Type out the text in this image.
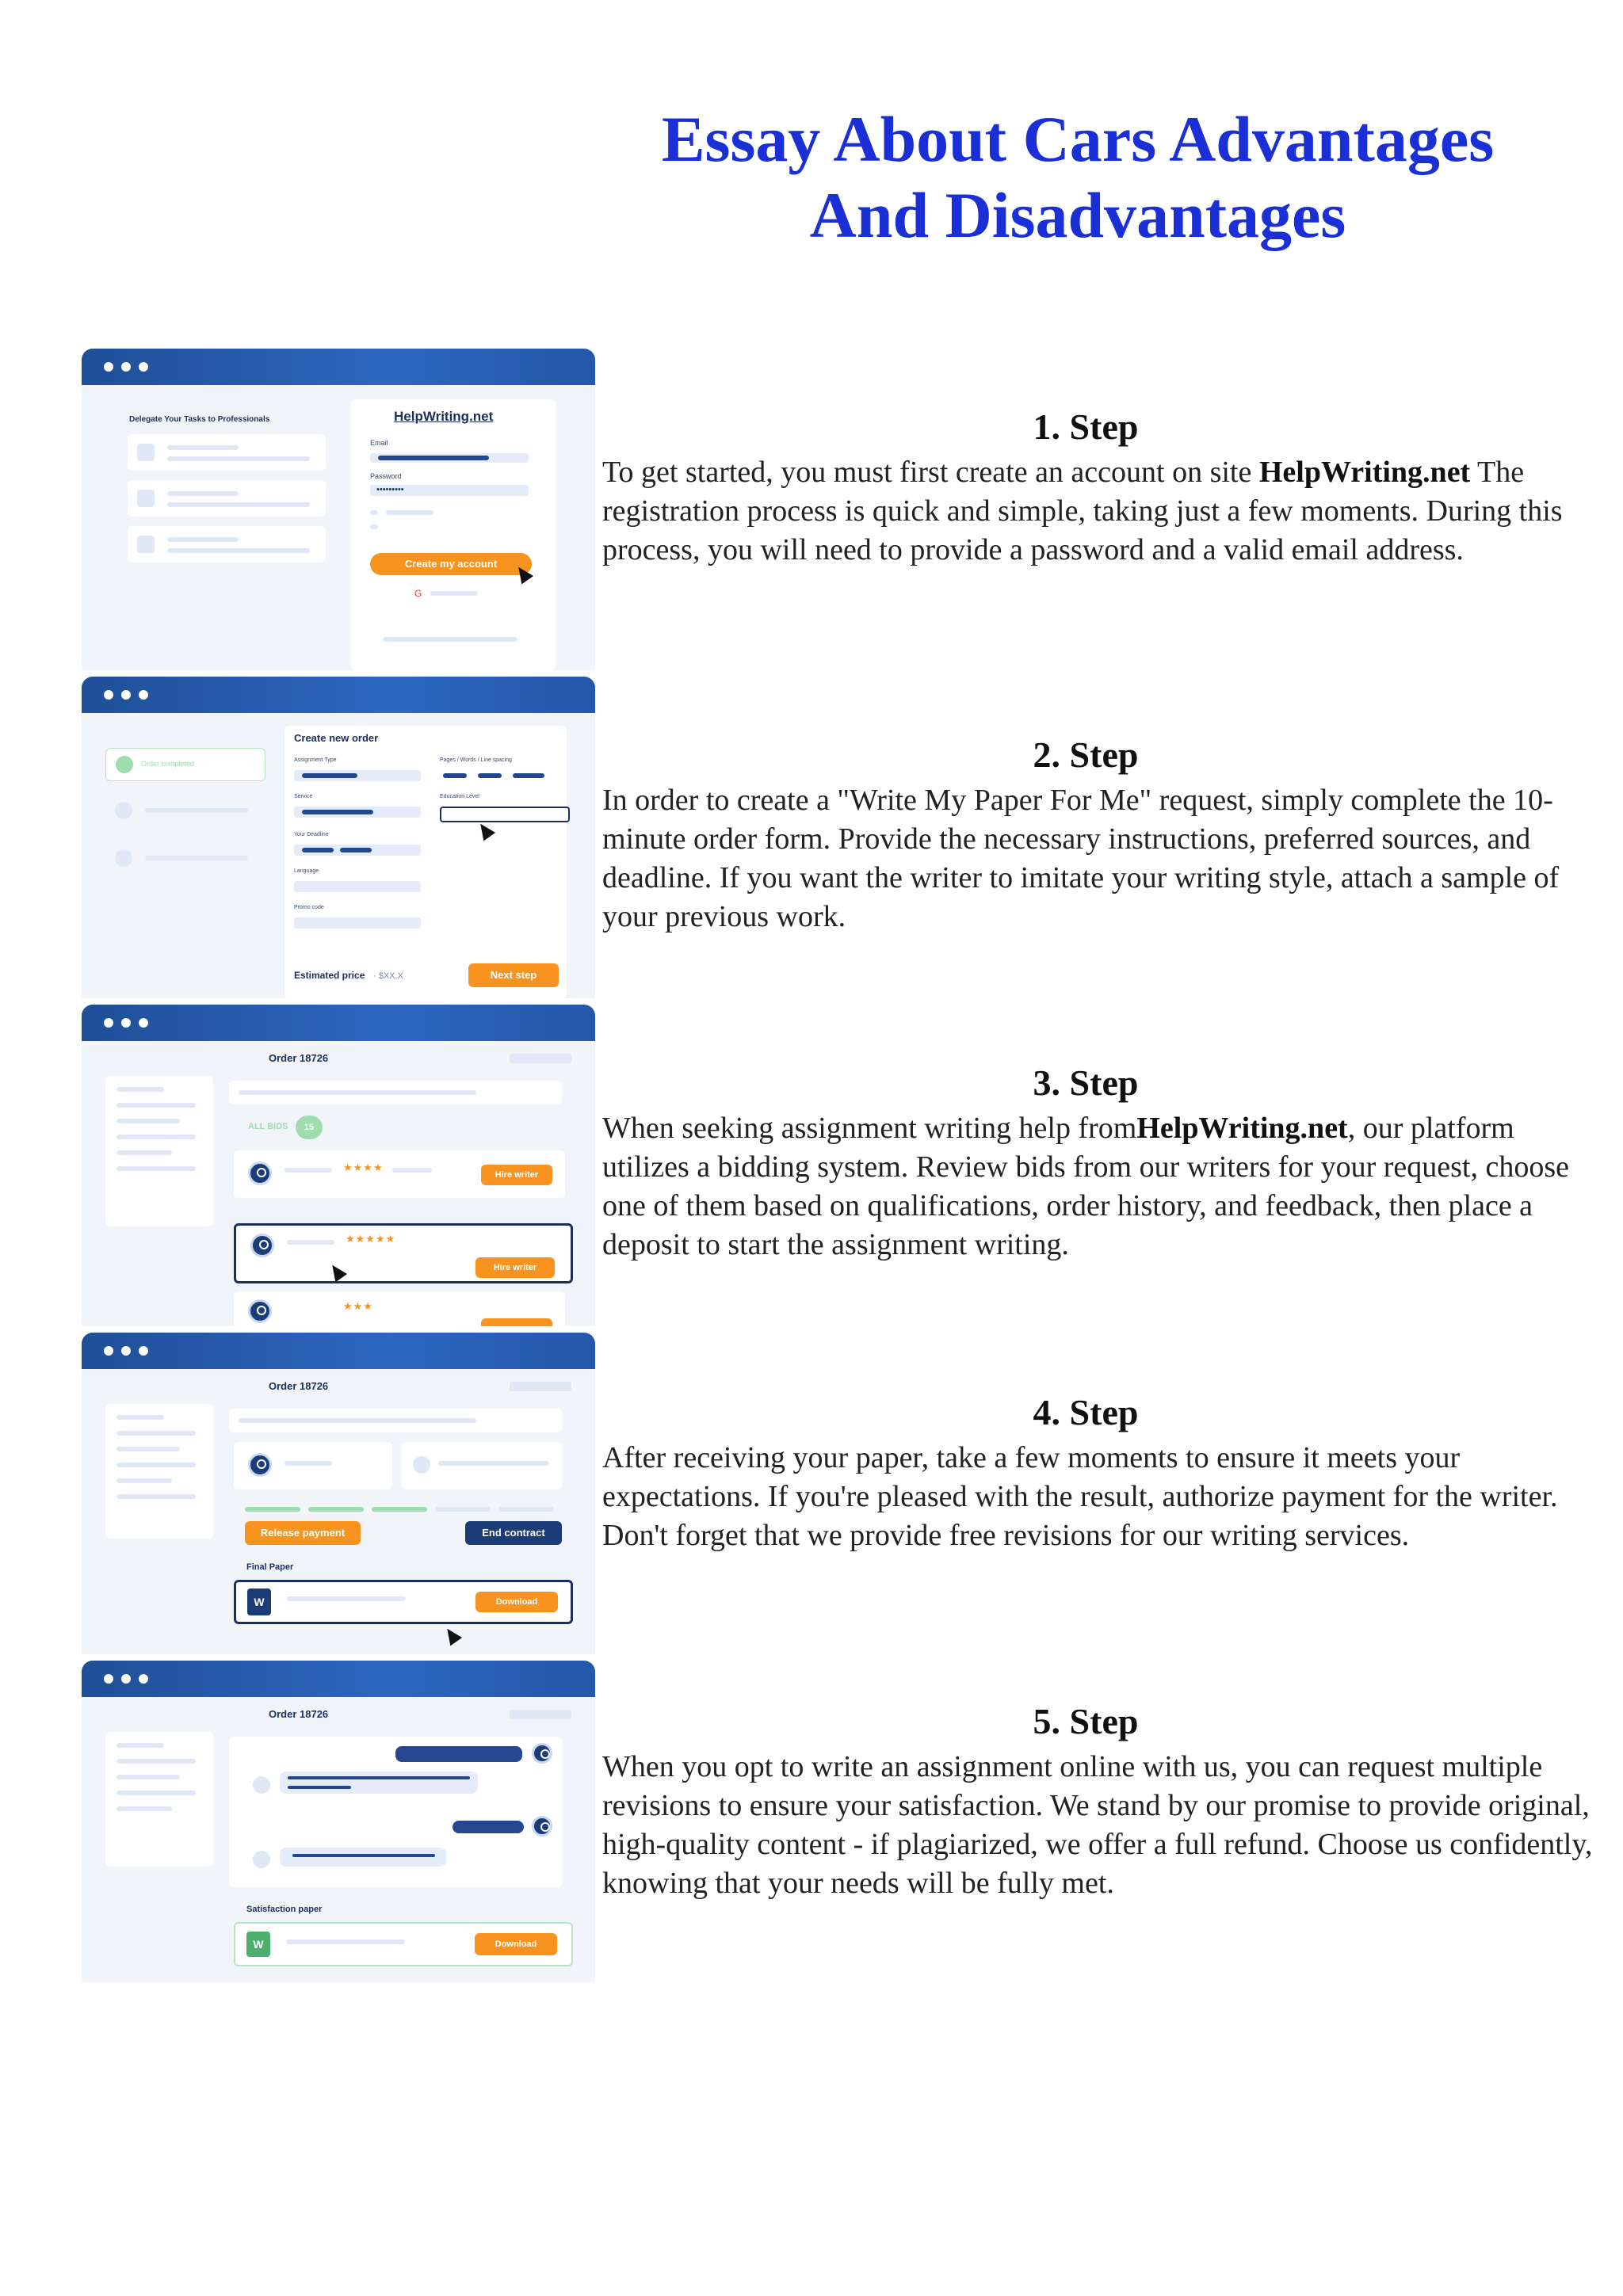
Essay About Cars Advantages
And Disadvantages
Delegate Your Tasks to Professionals	HelpWriting.net
Email
Password
•••••••••
Create my account
G
Order completed
Create new order
Assignment Type	Pages / Words / Line spacing
Service	Education Level
Your Deadline
Language
Promo code
Estimated price · $XX.X	Next step
Order 18726
ALL BIDS	15
★★★★
Hire writer
★★★★★
Hire writer
★★★
Order 18726
Release payment	End contract
Final Paper
W	Download
Order 18726
Satisfaction paper
W	Download
1. Step
To get started, you must first create an account on site HelpWriting.net The registration process is quick and simple, taking just a few moments. During this process, you will need to provide a password and a valid email address.
2. Step
In order to create a "Write My Paper For Me" request, simply complete the 10-minute order form. Provide the necessary instructions, preferred sources, and deadline. If you want the writer to imitate your writing style, attach a sample of your previous work.
3. Step
When seeking assignment writing help fromHelpWriting.net, our platform utilizes a bidding system. Review bids from our writers for your request, choose one of them based on qualifications, order history, and feedback, then place a deposit to start the assignment writing.
4. Step
After receiving your paper, take a few moments to ensure it meets your expectations. If you're pleased with the result, authorize payment for the writer. Don't forget that we provide free revisions for our writing services.
5. Step
When you opt to write an assignment online with us, you can request multiple revisions to ensure your satisfaction. We stand by our promise to provide original, high-quality content - if plagiarized, we offer a full refund. Choose us confidently, knowing that your needs will be fully met.
